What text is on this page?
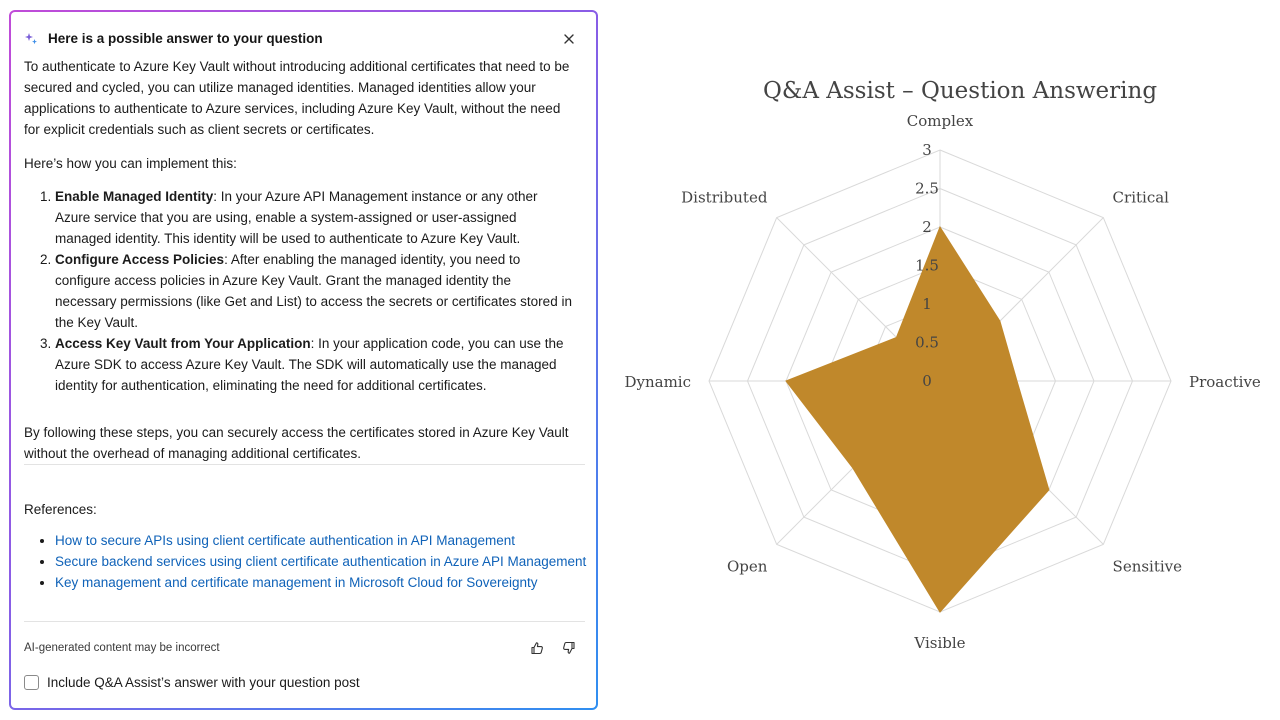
Here is a possible answer to your question

To authenticate to Azure Key Vault without introducing additional certificates that need to be secured and cycled, you can utilize managed identities. Managed identities allow your applications to authenticate to Azure services, including Azure Key Vault, without the need for explicit credentials such as client secrets or certificates.

Here’s how you can implement this:

1. Enable Managed Identity: In your Azure API Management instance or any other Azure service that you are using, enable a system-assigned or user-assigned managed identity. This identity will be used to authenticate to Azure Key Vault.
2. Configure Access Policies: After enabling the managed identity, you need to configure access policies in Azure Key Vault. Grant the managed identity the necessary permissions (like Get and List) to access the secrets or certificates stored in the Key Vault.
3. Access Key Vault from Your Application: In your application code, you can use the Azure SDK to access Azure Key Vault. The SDK will automatically use the managed identity for authentication, eliminating the need for additional certificates.

By following these steps, you can securely access the certificates stored in Azure Key Vault without the overhead of managing additional certificates.

References:
• How to secure APIs using client certificate authentication in API Management
• Secure backend services using client certificate authentication in Azure API Management
• Key management and certificate management in Microsoft Cloud for Sovereignty
AI-generated content may be incorrect
Include Q&A Assist’s answer with your question post
Q&A Assist – Question Answering
0
0.5
1
1.5
2
2.5
3
Complex
Critical
Proactive
Sensitive
Visible
Open
Dynamic
Distributed
